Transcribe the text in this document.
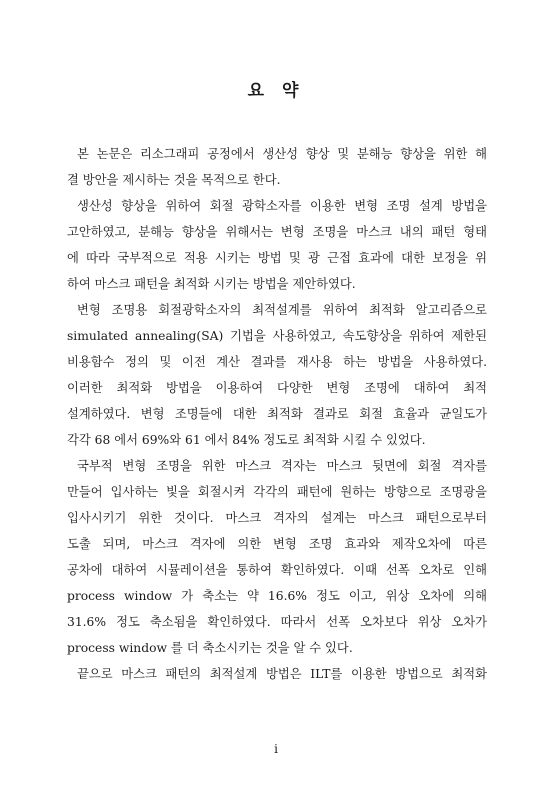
요 약
본 논문은 리소그래피 공정에서 생산성 향상 및 분해능 향상을 위한 해
결 방안을 제시하는 것을 목적으로 한다.
생산성 향상을 위하여 회절 광학소자를 이용한 변형 조명 설계 방법을
고안하였고, 분해능 향상을 위해서는 변형 조명을 마스크 내의 패턴 형태
에 따라 국부적으로 적용 시키는 방법 및 광 근접 효과에 대한 보정을 위
하여 마스크 패턴을 최적화 시키는 방법을 제안하였다.
변형 조명용 회절광학소자의 최적설계를 위하여 최적화 알고리즘으로
simulated annealing(SA) 기법을 사용하였고, 속도향상을 위하여 제한된
비용함수 정의 및 이전 계산 결과를 재사용 하는 방법을 사용하였다.
이러한 최적화 방법을 이용하여 다양한 변형 조명에 대하여 최적
설계하였다. 변형 조명들에 대한 최적화 결과로 회절 효율과 균일도가
각각 68 에서 69%와 61 에서 84% 정도로 최적화 시킬 수 있었다.
국부적 변형 조명을 위한 마스크 격자는 마스크 뒷면에 회절 격자를
만들어 입사하는 빛을 회절시켜 각각의 패턴에 원하는 방향으로 조명광을
입사시키기 위한 것이다. 마스크 격자의 설계는 마스크 패턴으로부터
도출 되며, 마스크 격자에 의한 변형 조명 효과와 제작오차에 따른
공차에 대하여 시뮬레이션을 통하여 확인하였다. 이때 선폭 오차로 인해
process window 가 축소는 약 16.6% 정도 이고, 위상 오차에 의해
31.6% 정도 축소됨을 확인하였다. 따라서 선폭 오차보다 위상 오차가
process window 를 더 축소시키는 것을 알 수 있다.
끝으로 마스크 패턴의 최적설계 방법은 ILT를 이용한 방법으로 최적화
i
